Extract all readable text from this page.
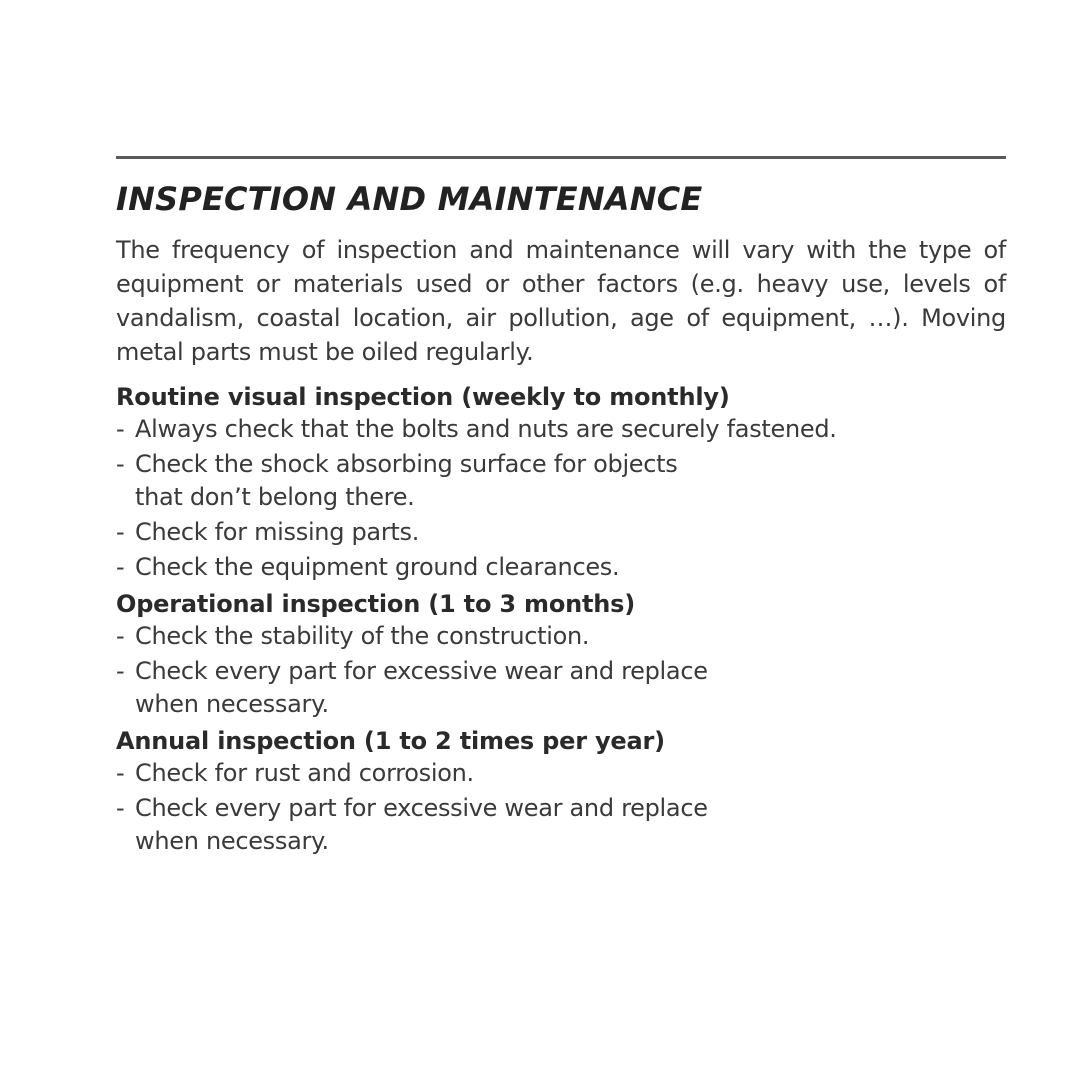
INSPECTION AND MAINTENANCE

The frequency of inspection and maintenance will vary with the type of equipment or materials used or other factors (e.g. heavy use, levels of vandalism, coastal location, air pollution, age of equipment, …). Moving metal parts must be oiled regularly.

Routine visual inspection (weekly to monthly)
- Always check that the bolts and nuts are securely fastened.
- Check the shock absorbing surface for objects
that don’t belong there.
- Check for missing parts.
- Check the equipment ground clearances.
Operational inspection (1 to 3 months)
- Check the stability of the construction.
- Check every part for excessive wear and replace
when necessary.
Annual inspection (1 to 2 times per year)
- Check for rust and corrosion.
- Check every part for excessive wear and replace
when necessary.
